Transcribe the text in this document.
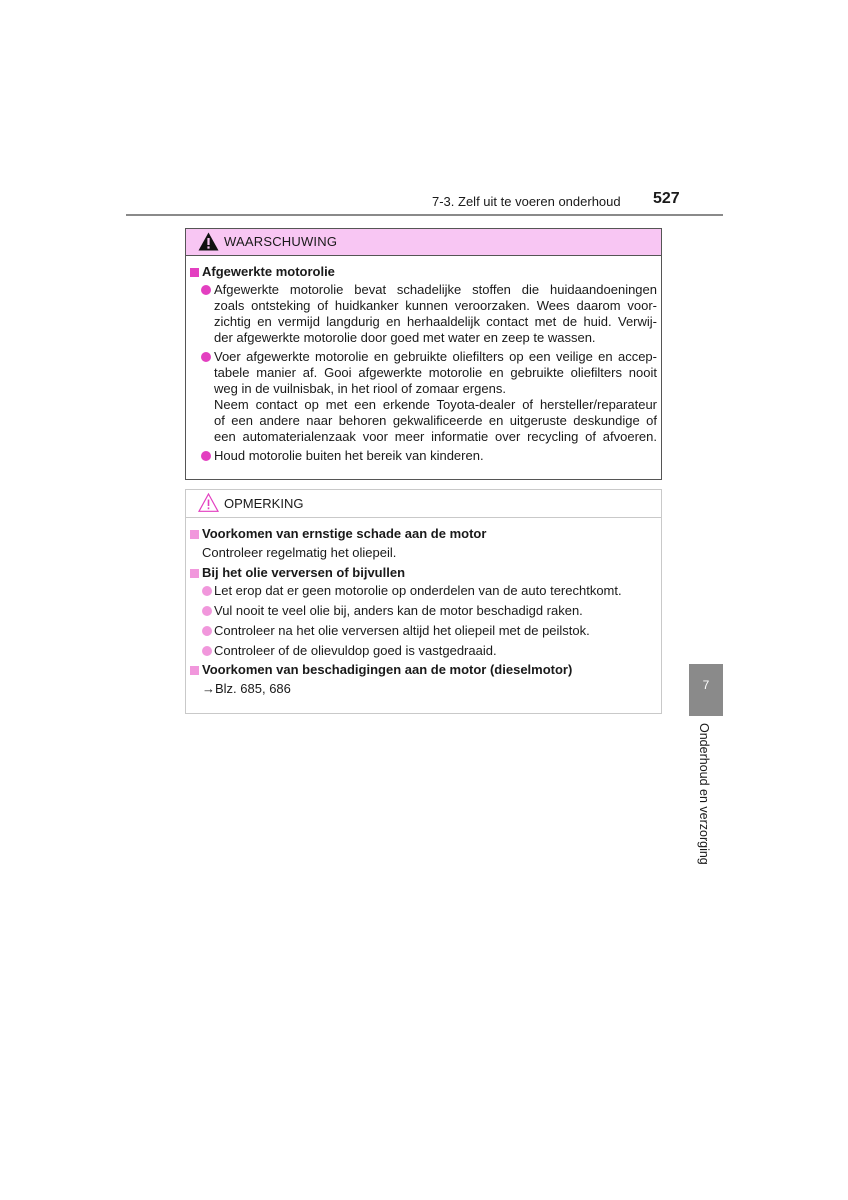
7-3. Zelf uit te voeren onderhoud 527
WAARSCHUWING
Afgewerkte motorolie
Afgewerkte motorolie bevat schadelijke stoffen die huidaandoeningen
zoals ontsteking of huidkanker kunnen veroorzaken. Wees daarom voor-
zichtig en vermijd langdurig en herhaaldelijk contact met de huid. Verwij-
der afgewerkte motorolie door goed met water en zeep te wassen.
Voer afgewerkte motorolie en gebruikte oliefilters op een veilige en accep-
tabele manier af. Gooi afgewerkte motorolie en gebruikte oliefilters nooit
weg in de vuilnisbak, in het riool of zomaar ergens.
Neem contact op met een erkende Toyota-dealer of hersteller/reparateur
of een andere naar behoren gekwalificeerde en uitgeruste deskundige of
een automaterialenzaak voor meer informatie over recycling of afvoeren.
Houd motorolie buiten het bereik van kinderen.
OPMERKING
Voorkomen van ernstige schade aan de motor
Controleer regelmatig het oliepeil.
Bij het olie verversen of bijvullen
Let erop dat er geen motorolie op onderdelen van de auto terechtkomt.
Vul nooit te veel olie bij, anders kan de motor beschadigd raken.
Controleer na het olie verversen altijd het oliepeil met de peilstok.
Controleer of de olievuldop goed is vastgedraaid.
Voorkomen van beschadigingen aan de motor (dieselmotor)
→Blz. 685, 686	7
Onderhoud en verzorging
